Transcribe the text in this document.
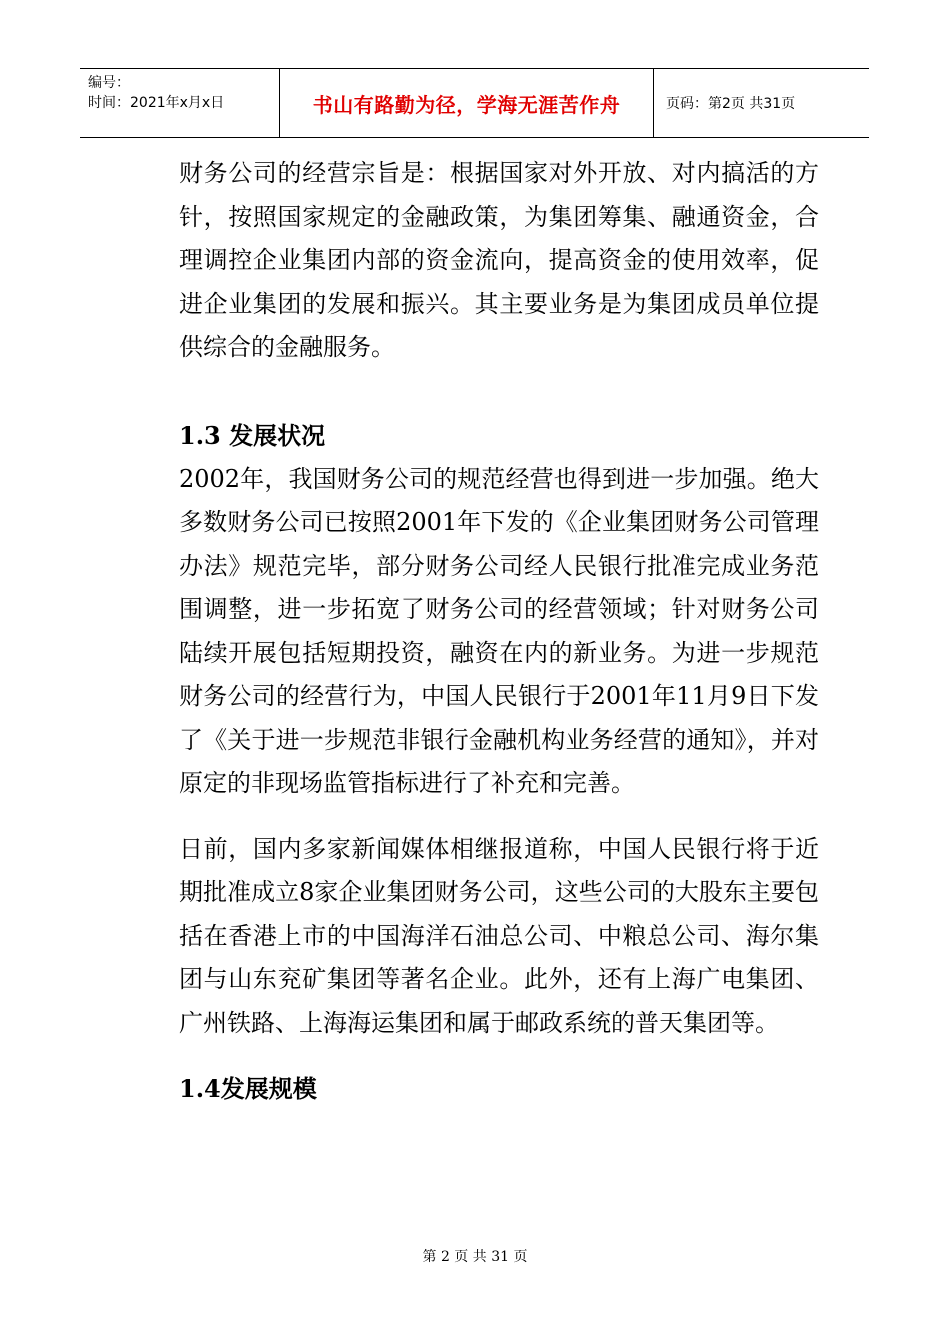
编号：
时间：2021年x月x日	书山有路勤为径，学海无涯苦作舟	页码：第2页 共31页

财务公司的经营宗旨是：根据国家对外开放、对内搞活的方针，按照国家规定的金融政策，为集团筹集、融通资金，合理调控企业集团内部的资金流向，提高资金的使用效率，促进企业集团的发展和振兴。其主要业务是为集团成员单位提供综合的金融服务。

1.3 发展状况

2002年，我国财务公司的规范经营也得到进一步加强。绝大多数财务公司已按照2001年下发的《企业集团财务公司管理办法》规范完毕，部分财务公司经人民银行批准完成业务范围调整，进一步拓宽了财务公司的经营领域；针对财务公司陆续开展包括短期投资，融资在内的新业务。为进一步规范财务公司的经营行为，中国人民银行于2001年11月9日下发了《关于进一步规范非银行金融机构业务经营的通知》，并对原定的非现场监管指标进行了补充和完善。

日前，国内多家新闻媒体相继报道称，中国人民银行将于近期批准成立8家企业集团财务公司，这些公司的大股东主要包括在香港上市的中国海洋石油总公司、中粮总公司、海尔集团与山东兖矿集团等著名企业。此外，还有上海广电集团、广州铁路、上海海运集团和属于邮政系统的普天集团等。

1.4发展规模

第 2 页 共 31 页
